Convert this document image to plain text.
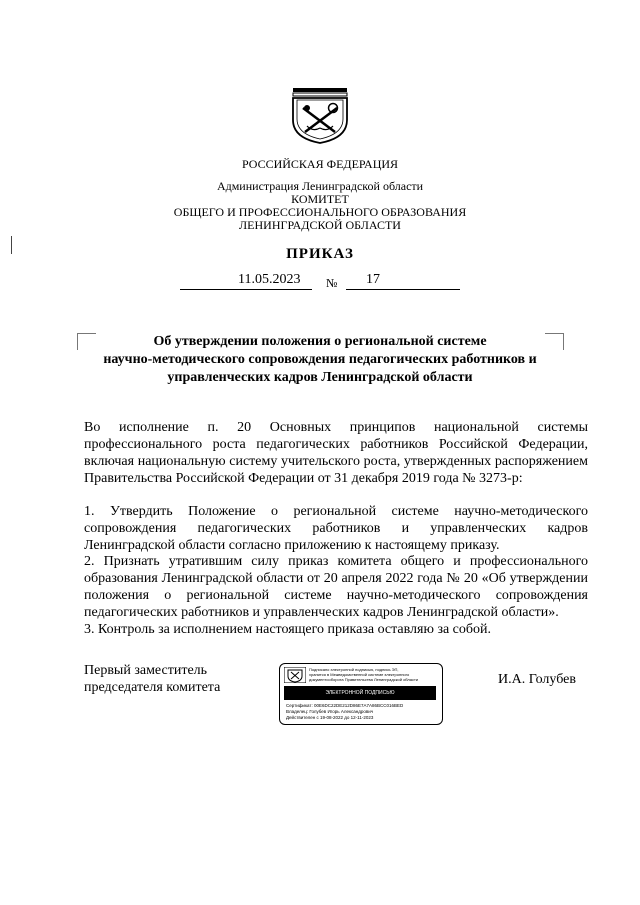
РОССИЙСКАЯ ФЕДЕРАЦИЯ
Администрация Ленинградской области
КОМИТЕТ
ОБЩЕГО И ПРОФЕССИОНАЛЬНОГО ОБРАЗОВАНИЯ
ЛЕНИНГРАДСКОЙ ОБЛАСТИ
ПРИКАЗ
11.05.2023 № 17
Об утверждении положения о региональной системе
научно-методического сопровождения педагогических работников и
управленческих кадров Ленинградской области

Во исполнение п. 20 Основных принципов национальной системы профессионального роста педагогических работников Российской Федерации, включая национальную систему учительского роста, утвержденных распоряжением Правительства Российской Федерации от 31 декабря 2019 года № 3273-р:

1. Утвердить Положение о региональной системе научно-методического сопровождения педагогических работников и управленческих кадров Ленинградской области согласно приложению к настоящему приказу.

2. Признать утратившим силу приказ комитета общего и профессионального образования Ленинградской области от 20 апреля 2022 года № 20 «Об утверждении положения о региональной системе научно-методического сопровождения педагогических работников и управленческих кадров Ленинградской области».

3. Контроль за исполнением настоящего приказа оставляю за собой.

Первый заместитель
председателя комитета
Подписано электронной подписью, подпись ЭП,
хранится в Межведомственной системе электронного
документооборота Правительства Ленинградской области
ЭЛЕКТРОННОЙ ПОДПИСЬЮ
Сертификат: 00E6DC22DE212D86E7A7A86BCC016BED
Владелец: Голубев Игорь Александрович
Действителен с 19-08-2022 до 12-11-2023
И.А. Голубев
